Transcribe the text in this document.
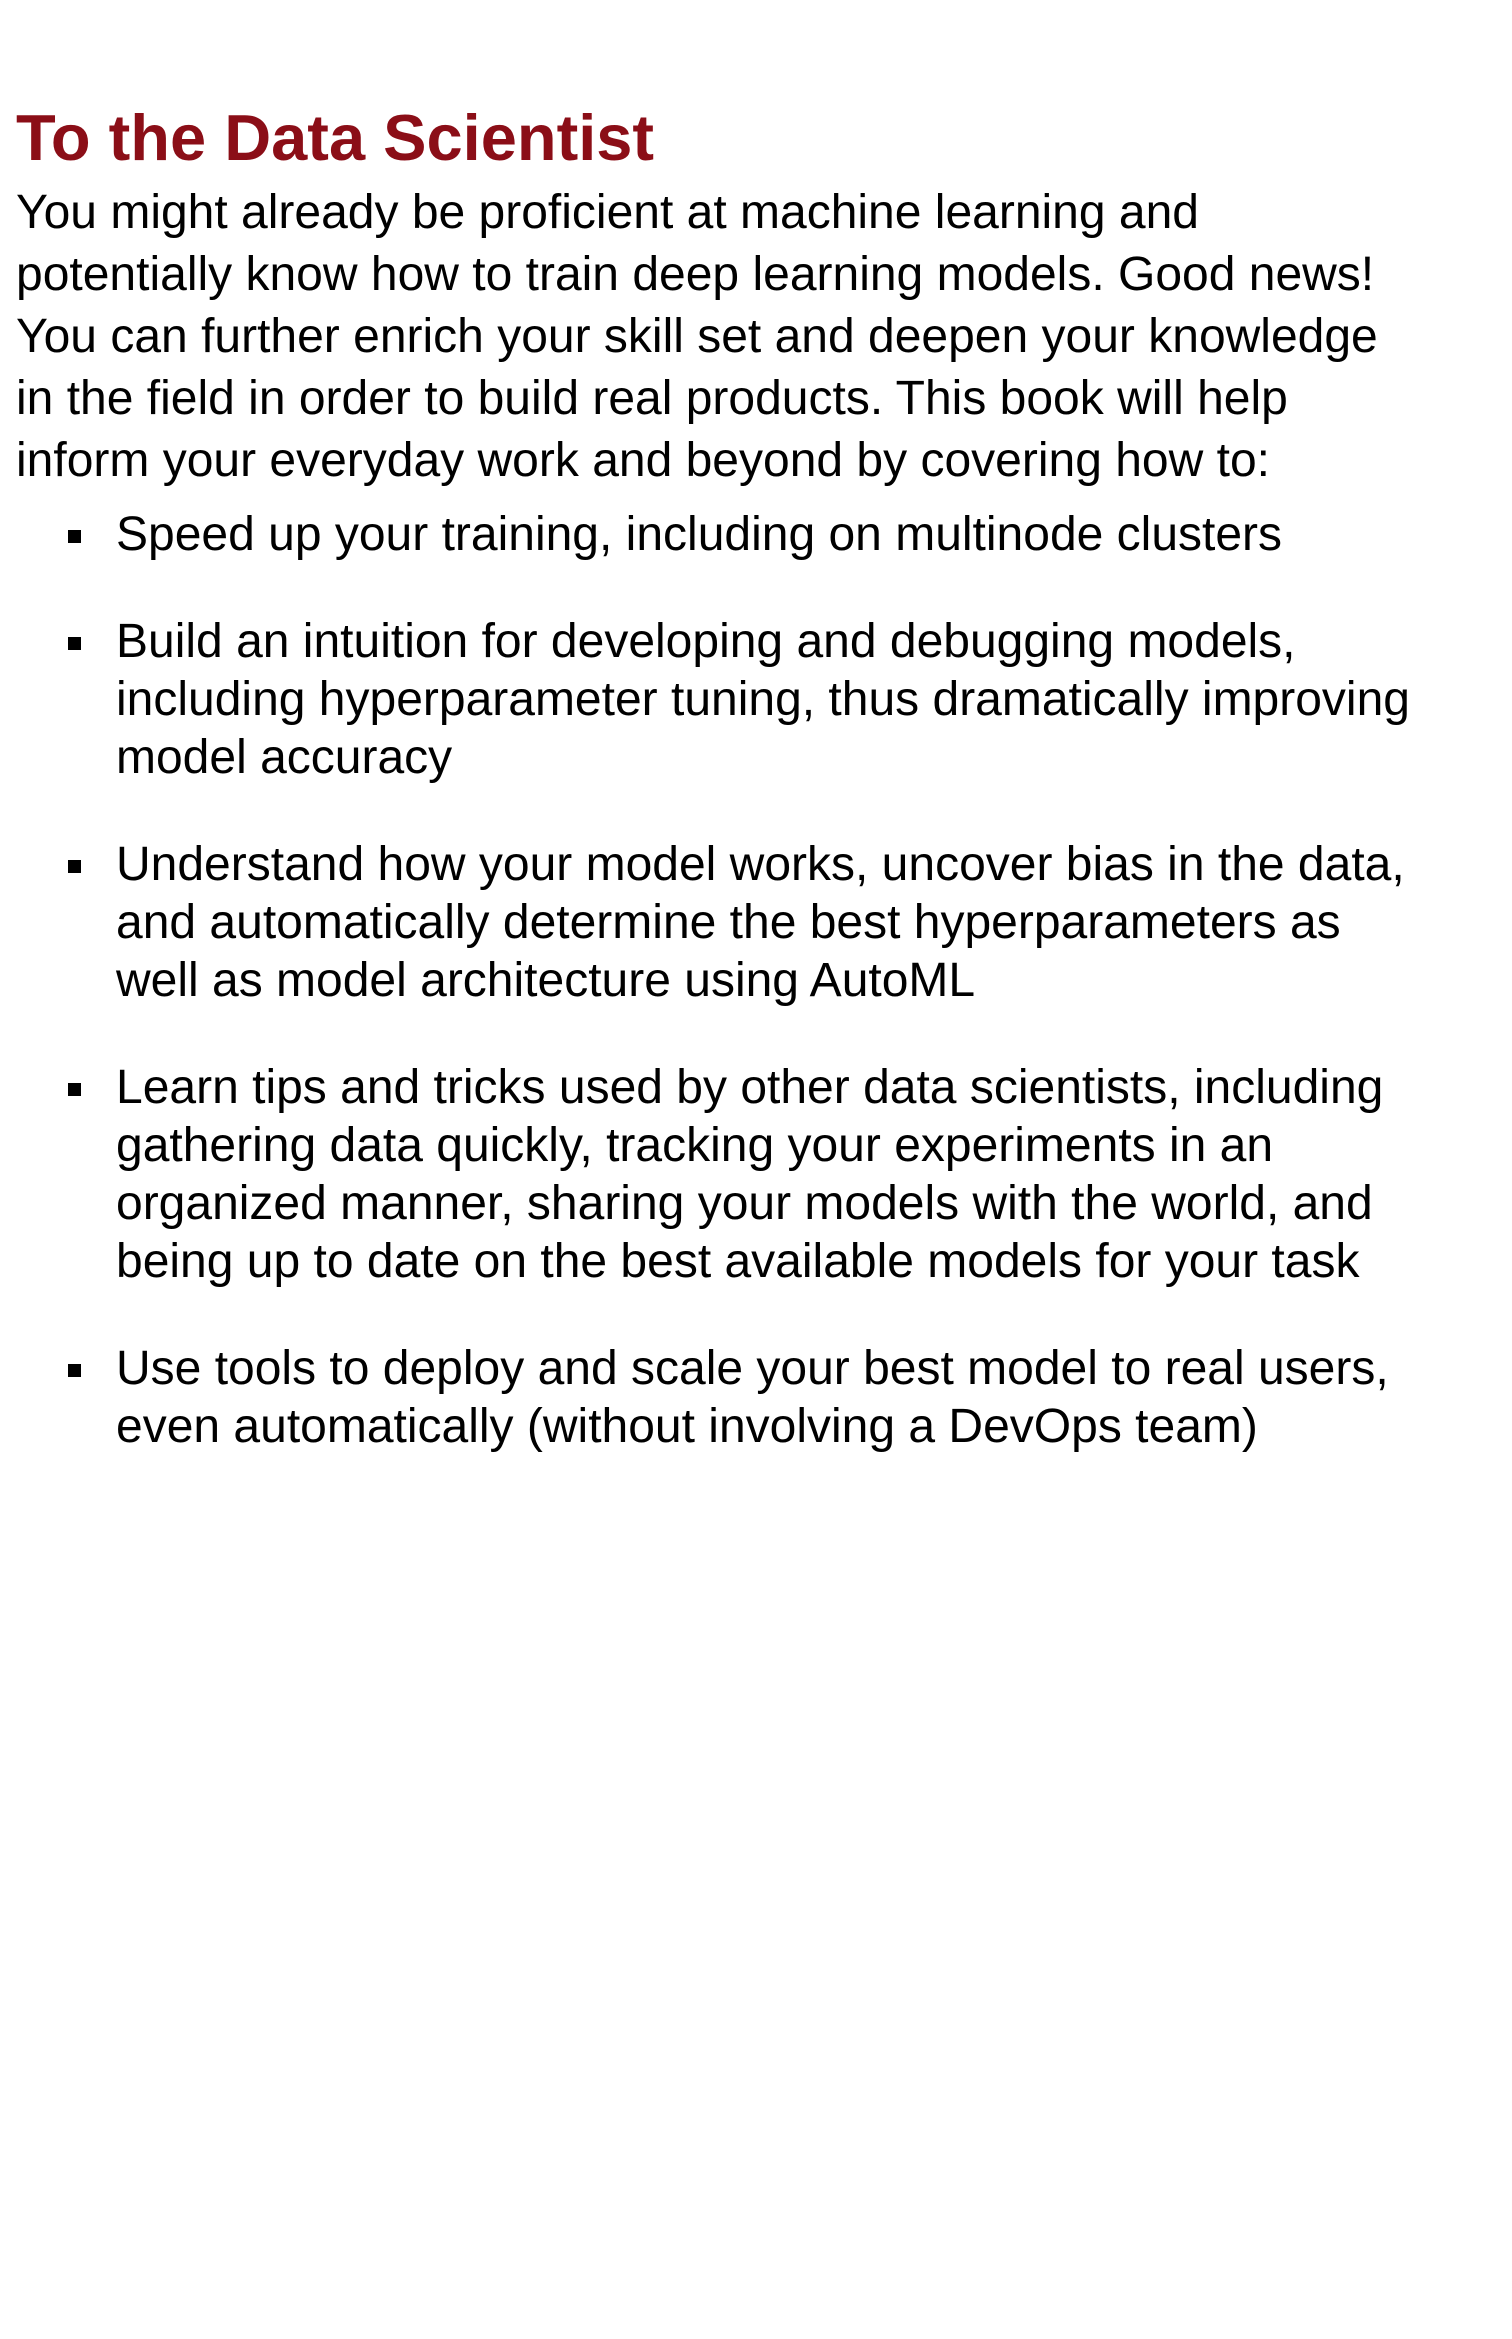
To the Data Scientist

You might already be proficient at machine learning and
potentially know how to train deep learning models. Good news!
You can further enrich your skill set and deepen your knowledge
in the field in order to build real products. This book will help
inform your everyday work and beyond by covering how to:

Speed up your training, including on multinode clusters
Build an intuition for developing and debugging models,
including hyperparameter tuning, thus dramatically improving
model accuracy
Understand how your model works, uncover bias in the data,
and automatically determine the best hyperparameters as
well as model architecture using AutoML
Learn tips and tricks used by other data scientists, including
gathering data quickly, tracking your experiments in an
organized manner, sharing your models with the world, and
being up to date on the best available models for your task
Use tools to deploy and scale your best model to real users,
even automatically (without involving a DevOps team)
